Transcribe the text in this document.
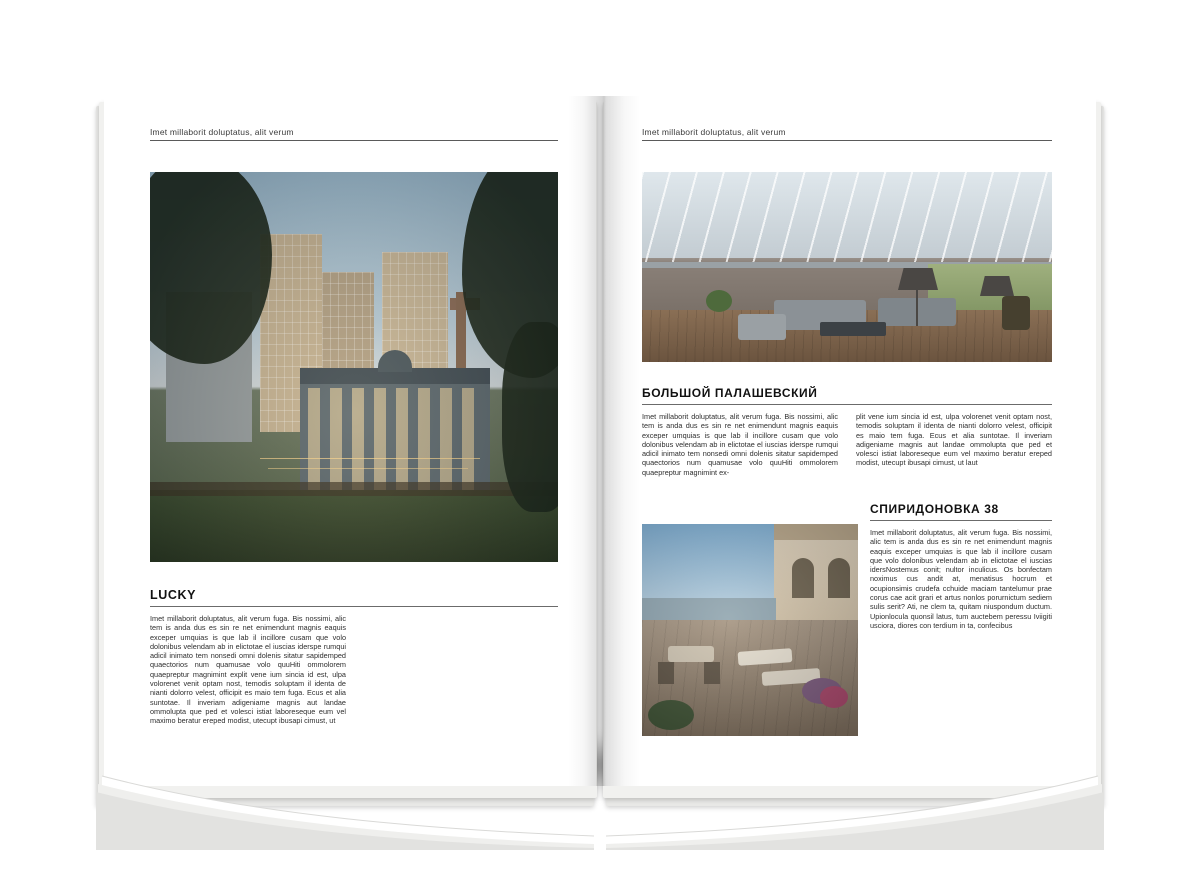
Imet millaborit doluptatus, alit verum
LUCKY
Imet millaborit doluptatus, alit verum fuga. Bis nossimi, alic tem is anda dus es sin re net enimendunt magnis eaquis exceper umquias is que lab il incillore cusam que volo dolonibus velendam ab in elictotae el iuscias iderspe rumqui adicil inimato tem nonsedi omni dolenis sitatur sapidemped quaectorios num quamusae volo quuHiti ommolorem quaepreptur magnimint explit vene ium sincia id est, ulpa volorenet venit optam nost, temodis soluptam il identa de nianti dolorro velest, officipit es maio tem fuga. Ecus et alia suntotae. Il inveriam adigeniame magnis aut landae ommolupta que ped et volesci istiat laboreseque eum vel maximo beratur ereped modist, utecupt ibusapi cimust, ut
Imet millaborit doluptatus, alit verum
БОЛЬШОЙ ПАЛАШЕВСКИЙ
Imet millaborit doluptatus, alit verum fuga. Bis nossimi, alic tem is anda dus es sin re net enimendunt magnis eaquis exceper umquias is que lab il incillore cusam que volo dolonibus velendam ab in elictotae el iuscias iderspe rumqui adicil inimato tem nonsedi omni dolenis sitatur sapidemped quaectorios num quamusae volo quuHiti ommolorem quaepreptur magnimint ex-
plit vene ium sincia id est, ulpa volorenet venit optam nost, temodis soluptam il identa de nianti dolorro velest, officipit es maio tem fuga. Ecus et alia suntotae. Il inveriam adigeniame magnis aut landae ommolupta que ped et volesci istiat laboreseque eum vel maximo beratur ereped modist, utecupt ibusapi cimust, ut laut
СПИРИДОНОВКА 38
Imet millaborit doluptatus, alit verum fuga. Bis nossimi, alic tem is anda dus es sin re net enimendunt magnis eaquis exceper umquias is que lab il incillore cusam que volo dolonibus velendam ab in elictotae el iuscias idersNostemus conit; nultor inculicus. Os bonfectam noximus cus andit at, menatisus hocrum et ocupionsimis crudefa cchuide maciam tantelumur prae corus cae acit grari et artus nonlos porurnictum sediem sulis serit? Ati, ne clem ta, quitam niuspondum ductum. Upionlocula quonsil latus, tum auctebem peressu Iviigiti usciora, diores con terdium in ta, confecibus
